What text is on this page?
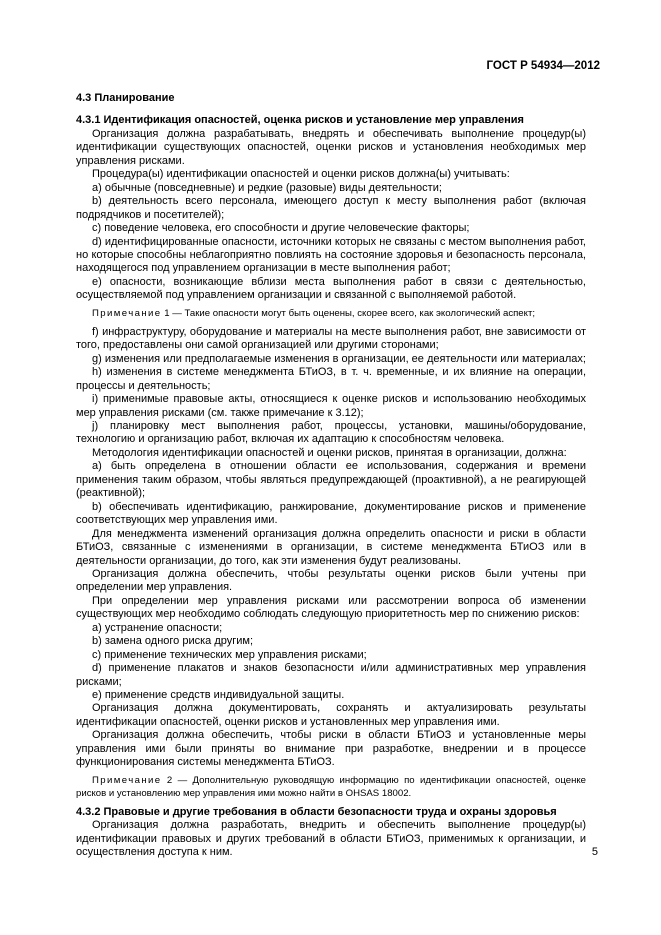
ГОСТ Р 54934—2012

4.3 Планирование

4.3.1 Идентификация опасностей, оценка рисков и установление мер управления

Организация должна разрабатывать, внедрять и обеспечивать выполнение процедур(ы) идентификации существующих опасностей, оценки рисков и установления необходимых мер управления рисками.

Процедура(ы) идентификации опасностей и оценки рисков должна(ы) учитывать:

a) обычные (повседневные) и редкие (разовые) виды деятельности;

b) деятельность всего персонала, имеющего доступ к месту выполнения работ (включая подрядчиков и посетителей);

c) поведение человека, его способности и другие человеческие факторы;

d) идентифицированные опасности, источники которых не связаны с местом выполнения работ, но которые способны неблагоприятно повлиять на состояние здоровья и безопасность персонала, находящегося под управлением организации в месте выполнения работ;

e) опасности, возникающие вблизи места выполнения работ в связи с деятельностью, осуществляемой под управлением организации и связанной с выполняемой работой.

Примечание 1 — Такие опасности могут быть оценены, скорее всего, как экологический аспект;

f) инфраструктуру, оборудование и материалы на месте выполнения работ, вне зависимости от того, предоставлены они самой организацией или другими сторонами;

g) изменения или предполагаемые изменения в организации, ее деятельности или материалах;

h) изменения в системе менеджмента БТиОЗ, в т. ч. временные, и их влияние на операции, процессы и деятельность;

i) применимые правовые акты, относящиеся к оценке рисков и использованию необходимых мер управления рисками (см. также примечание к 3.12);

j) планировку мест выполнения работ, процессы, установки, машины/оборудование, технологию и организацию работ, включая их адаптацию к способностям человека.

Методология идентификации опасностей и оценки рисков, принятая в организации, должна:

a) быть определена в отношении области ее использования, содержания и времени применения таким образом, чтобы являться предупреждающей (проактивной), а не реагирующей (реактивной);

b) обеспечивать идентификацию, ранжирование, документирование рисков и применение соответствующих мер управления ими.

Для менеджмента изменений организация должна определить опасности и риски в области БТиОЗ, связанные с изменениями в организации, в системе менеджмента БТиОЗ или в деятельности организации, до того, как эти изменения будут реализованы.

Организация должна обеспечить, чтобы результаты оценки рисков были учтены при определении мер управления.

При определении мер управления рисками или рассмотрении вопроса об изменении существующих мер необходимо соблюдать следующую приоритетность мер по снижению рисков:

a) устранение опасности;

b) замена одного риска другим;

c) применение технических мер управления рисками;

d) применение плакатов и знаков безопасности и/или административных мер управления рисками;

e) применение средств индивидуальной защиты.

Организация должна документировать, сохранять и актуализировать результаты идентификации опасностей, оценки рисков и установленных мер управления ими.

Организация должна обеспечить, чтобы риски в области БТиОЗ и установленные меры управления ими были приняты во внимание при разработке, внедрении и в процессе функционирования системы менеджмента БТиОЗ.

Примечание 2 — Дополнительную руководящую информацию по идентификации опасностей, оценке рисков и установлению мер управления ими можно найти в OHSAS 18002.

4.3.2 Правовые и другие требования в области безопасности труда и охраны здоровья

Организация должна разработать, внедрить и обеспечить выполнение процедур(ы) идентификации правовых и других требований в области БТиОЗ, применимых к организации, и осуществления доступа к ним.	5
